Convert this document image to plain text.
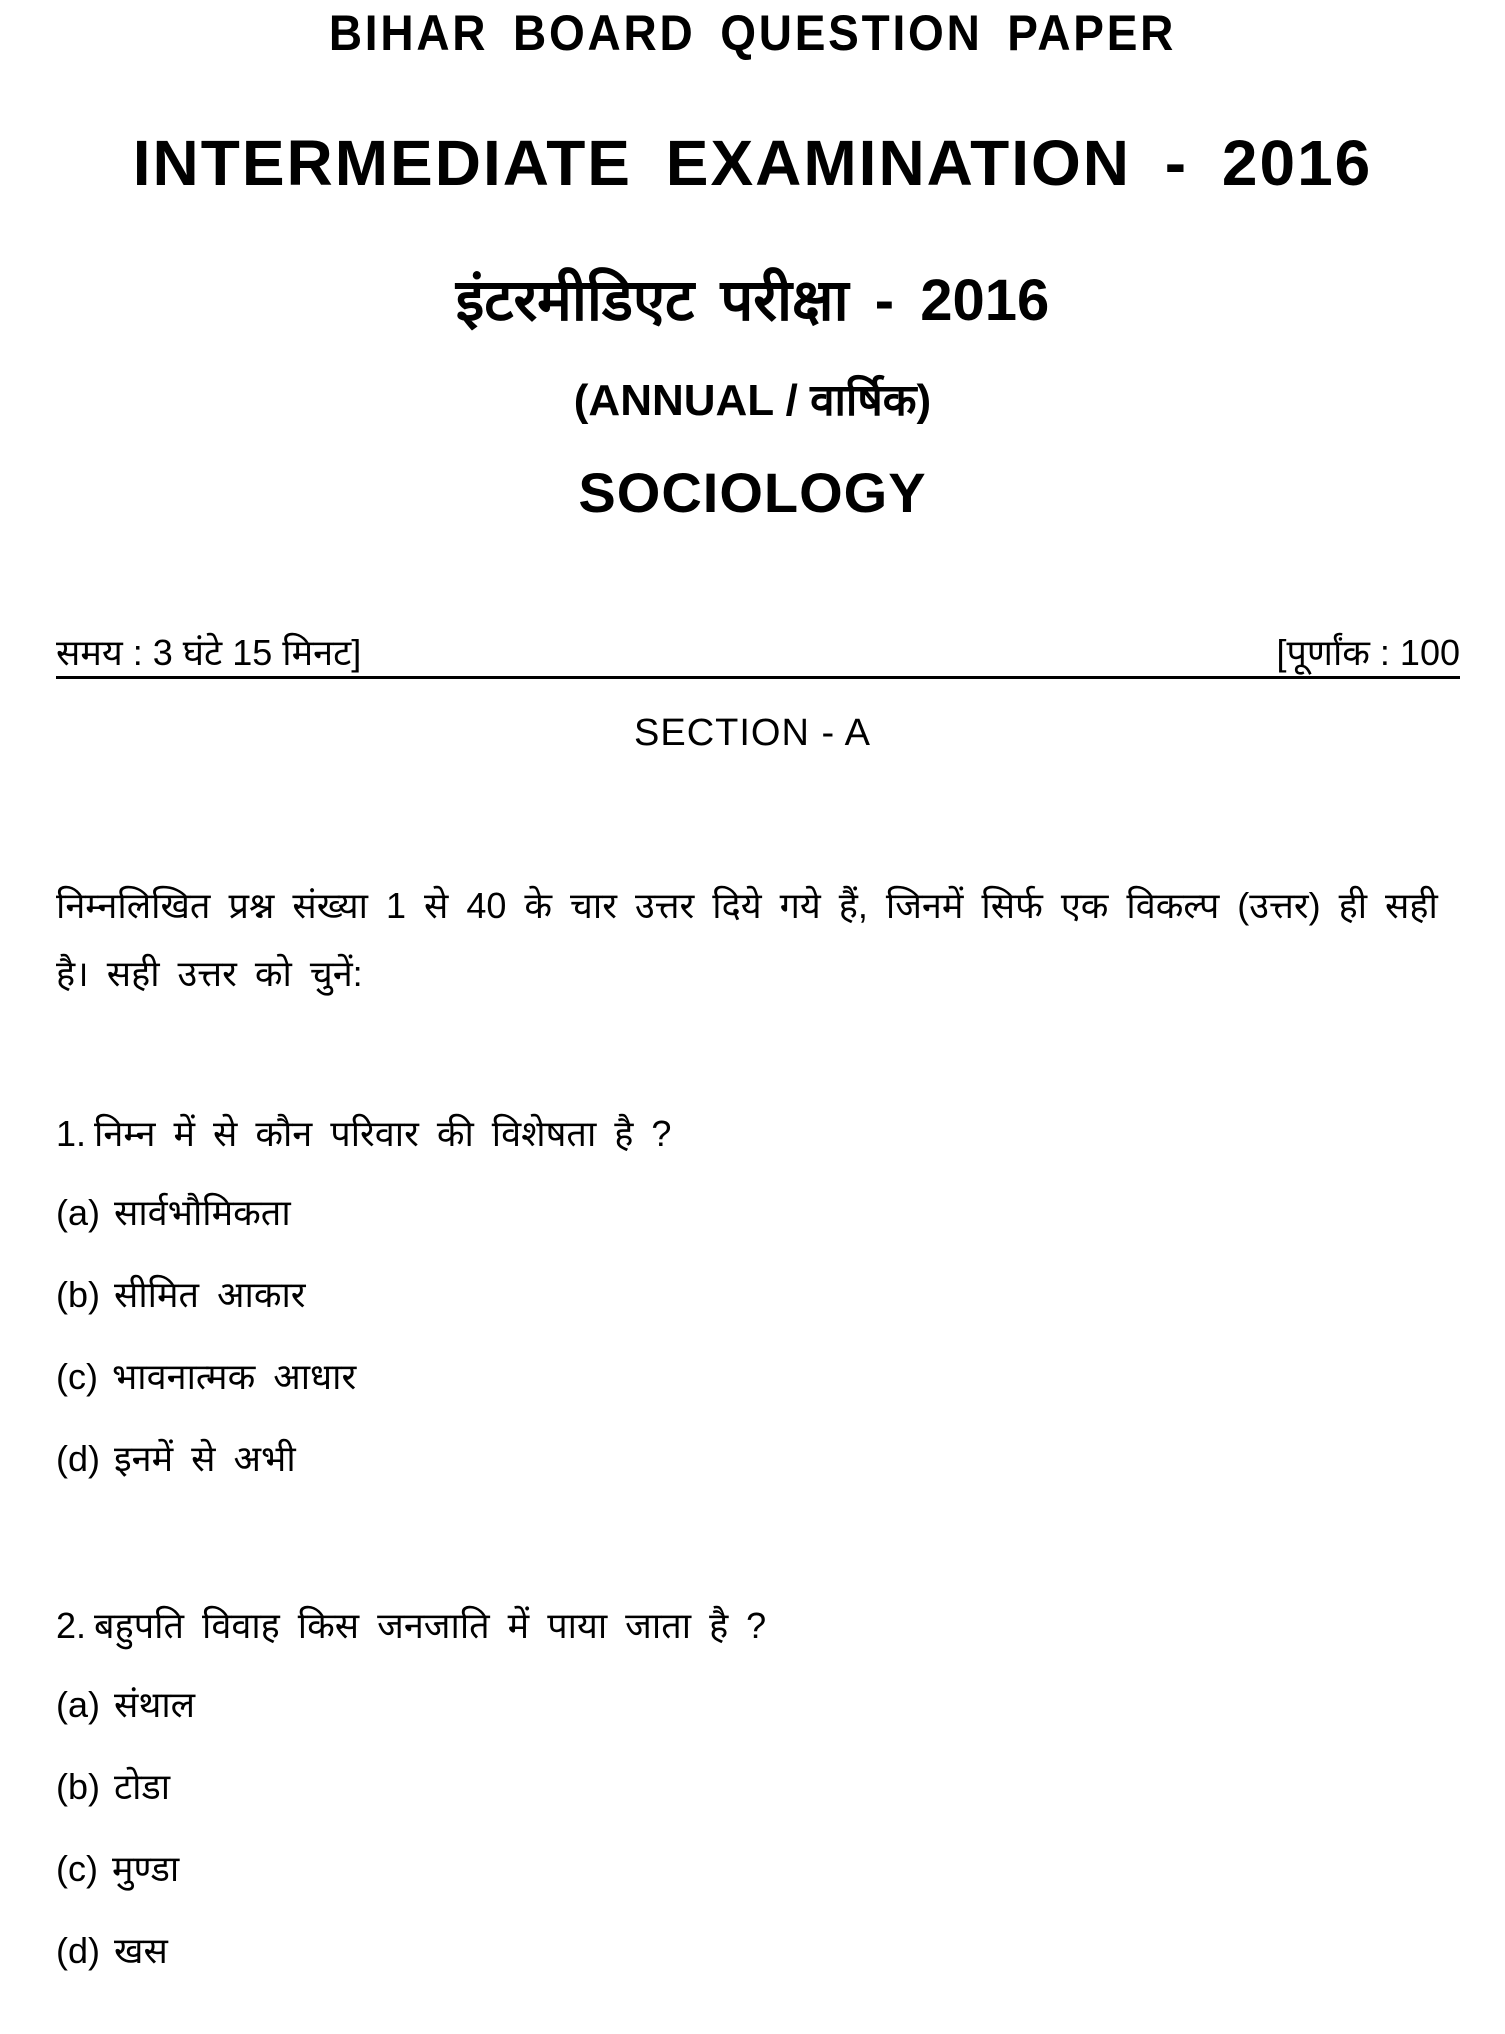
BIHAR BOARD QUESTION PAPER
INTERMEDIATE EXAMINATION - 2016
इंटरमीडिएट परीक्षा - 2016
(ANNUAL / वार्षिक)
SOCIOLOGY
समय : 3 घंटे 15 मिनट]	[पूर्णांक : 100
SECTION - A
निम्नलिखित प्रश्न संख्या 1 से 40 के चार उत्तर दिये गये हैं, जिनमें सिर्फ एक विकल्प (उत्तर) ही सही है। सही उत्तर को चुनें:
1. निम्न में से कौन परिवार की विशेषता है ?
(a) सार्वभौमिकता
(b) सीमित आकार
(c) भावनात्मक आधार
(d) इनमें से अभी
2. बहुपति विवाह किस जनजाति में पाया जाता है ?
(a) संथाल
(b) टोडा
(c) मुण्डा
(d) खस
